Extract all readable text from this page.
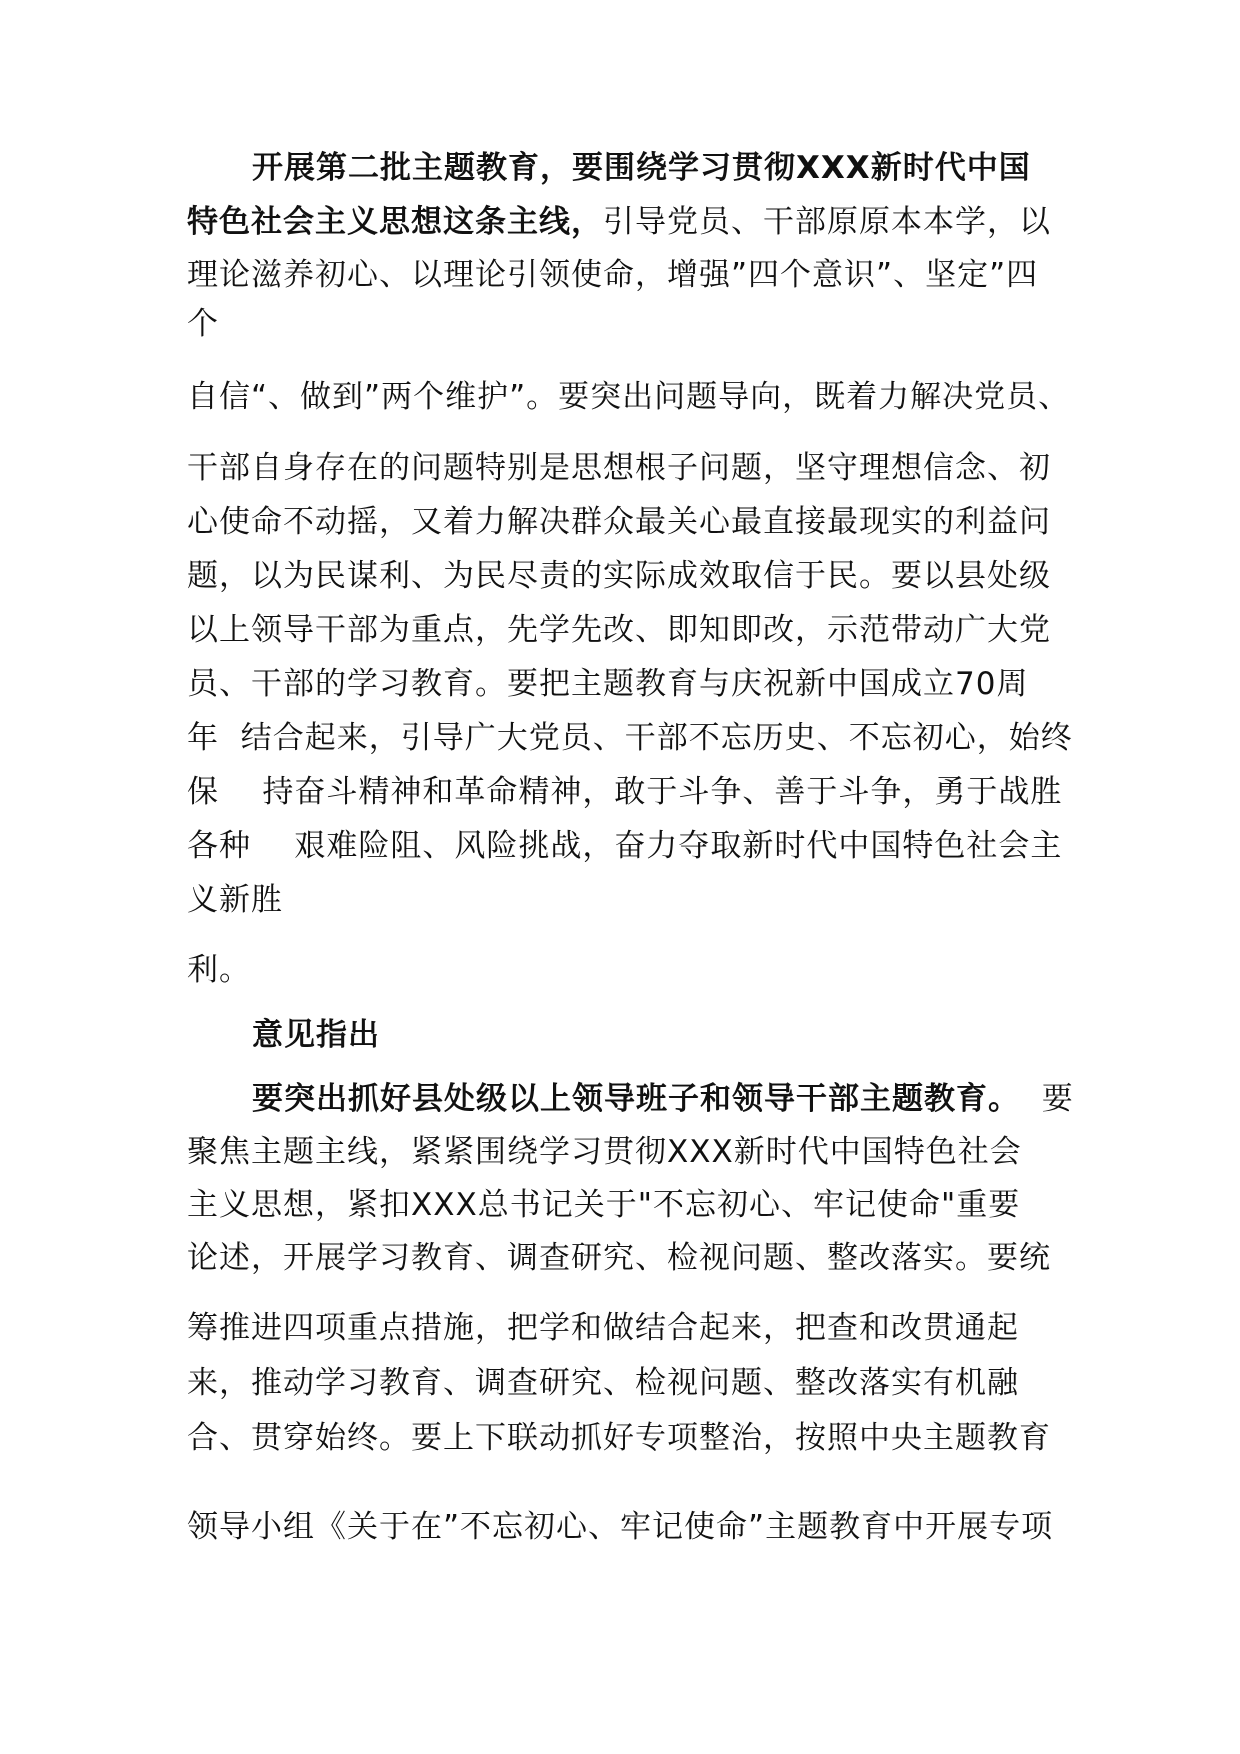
开展第二批主题教育，要围绕学习贯彻XXX新时代中国
特色社会主义思想这条主线，引导党员、干部原原本本学，以
理论滋养初心、以理论引领使命，增强”四个意识”、坚定”四
个
自信“、做到”两个维护”。要突出问题导向，既着力解决党员、
干部自身存在的问题特别是思想根子问题，坚守理想信念、初
心使命不动摇，又着力解决群众最关心最直接最现实的利益问
题，以为民谋利、为民尽责的实际成效取信于民。要以县处级
以上领导干部为重点，先学先改、即知即改，示范带动广大党
员、干部的学习教育。要把主题教育与庆祝新中国成立70周
年  结合起来，引导广大党员、干部不忘历史、不忘初心，始终
保    持奋斗精神和革命精神，敢于斗争、善于斗争，勇于战胜
各种    艰难险阻、风险挑战，奋力夺取新时代中国特色社会主
义新胜
利。
意见指出
要突出抓好县处级以上领导班子和领导干部主题教育。  要
聚焦主题主线，紧紧围绕学习贯彻XXX新时代中国特色社会
主义思想，紧扣XXX总书记关于"不忘初心、牢记使命"重要
论述，开展学习教育、调查研究、检视问题、整改落实。要统
筹推进四项重点措施，把学和做结合起来，把查和改贯通起
来，推动学习教育、调查研究、检视问题、整改落实有机融
合、贯穿始终。要上下联动抓好专项整治，按照中央主题教育
领导小组《关于在”不忘初心、牢记使命”主题教育中开展专项
